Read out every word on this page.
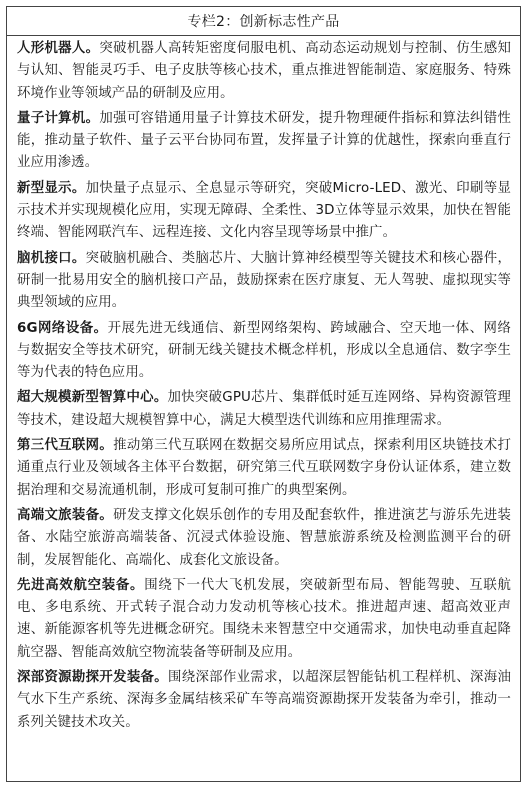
专栏2：创新标志性产品
人形机器人。突破机器人高转矩密度伺服电机、高动态运动规划与控制、仿生感知与认知、智能灵巧手、电子皮肤等核心技术，重点推进智能制造、家庭服务、特殊环境作业等领域产品的研制及应用。
量子计算机。加强可容错通用量子计算技术研发，提升物理硬件指标和算法纠错性能，推动量子软件、量子云平台协同布置，发挥量子计算的优越性，探索向垂直行业应用渗透。
新型显示。加快量子点显示、全息显示等研究，突破Micro-LED、激光、印刷等显示技术并实现规模化应用，实现无障碍、全柔性、3D立体等显示效果，加快在智能终端、智能网联汽车、远程连接、文化内容呈现等场景中推广。
脑机接口。突破脑机融合、类脑芯片、大脑计算神经模型等关键技术和核心器件，研制一批易用安全的脑机接口产品，鼓励探索在医疗康复、无人驾驶、虚拟现实等典型领域的应用。
6G网络设备。开展先进无线通信、新型网络架构、跨域融合、空天地一体、网络与数据安全等技术研究，研制无线关键技术概念样机，形成以全息通信、数字孪生等为代表的特色应用。
超大规模新型智算中心。加快突破GPU芯片、集群低时延互连网络、异构资源管理等技术，建设超大规模智算中心，满足大模型迭代训练和应用推理需求。
第三代互联网。推动第三代互联网在数据交易所应用试点，探索利用区块链技术打通重点行业及领域各主体平台数据，研究第三代互联网数字身份认证体系，建立数据治理和交易流通机制，形成可复制可推广的典型案例。
高端文旅装备。研发支撑文化娱乐创作的专用及配套软件，推进演艺与游乐先进装备、水陆空旅游高端装备、沉浸式体验设施、智慧旅游系统及检测监测平台的研制，发展智能化、高端化、成套化文旅设备。
先进高效航空装备。围绕下一代大飞机发展，突破新型布局、智能驾驶、互联航电、多电系统、开式转子混合动力发动机等核心技术。推进超声速、超高效亚声速、新能源客机等先进概念研究。围绕未来智慧空中交通需求，加快电动垂直起降航空器、智能高效航空物流装备等研制及应用。
深部资源勘探开发装备。围绕深部作业需求，以超深层智能钻机工程样机、深海油气水下生产系统、深海多金属结核采矿车等高端资源勘探开发装备为牵引，推动一系列关键技术攻关。
